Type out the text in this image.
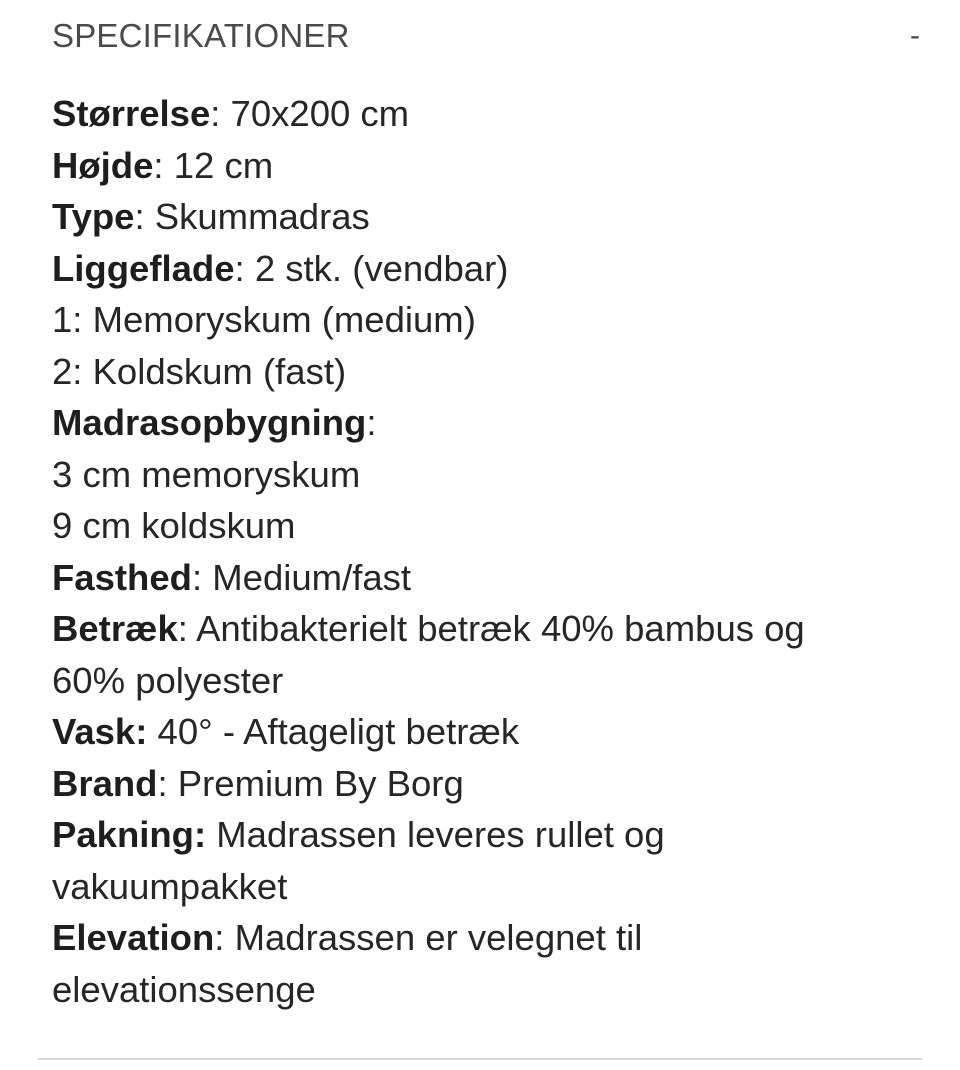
SPECIFIKATIONER	-
Størrelse: 70x200 cm
Højde: 12 cm
Type: Skummadras
Liggeflade: 2 stk. (vendbar)
1: Memoryskum (medium)
2: Koldskum (fast)
Madrasopbygning:
3 cm memoryskum
9 cm koldskum
Fasthed: Medium/fast
Betræk: Antibakterielt betræk 40% bambus og
60% polyester
Vask: 40° - Aftageligt betræk
Brand: Premium By Borg
Pakning: Madrassen leveres rullet og
vakuumpakket
Elevation: Madrassen er velegnet til
elevationssenge
